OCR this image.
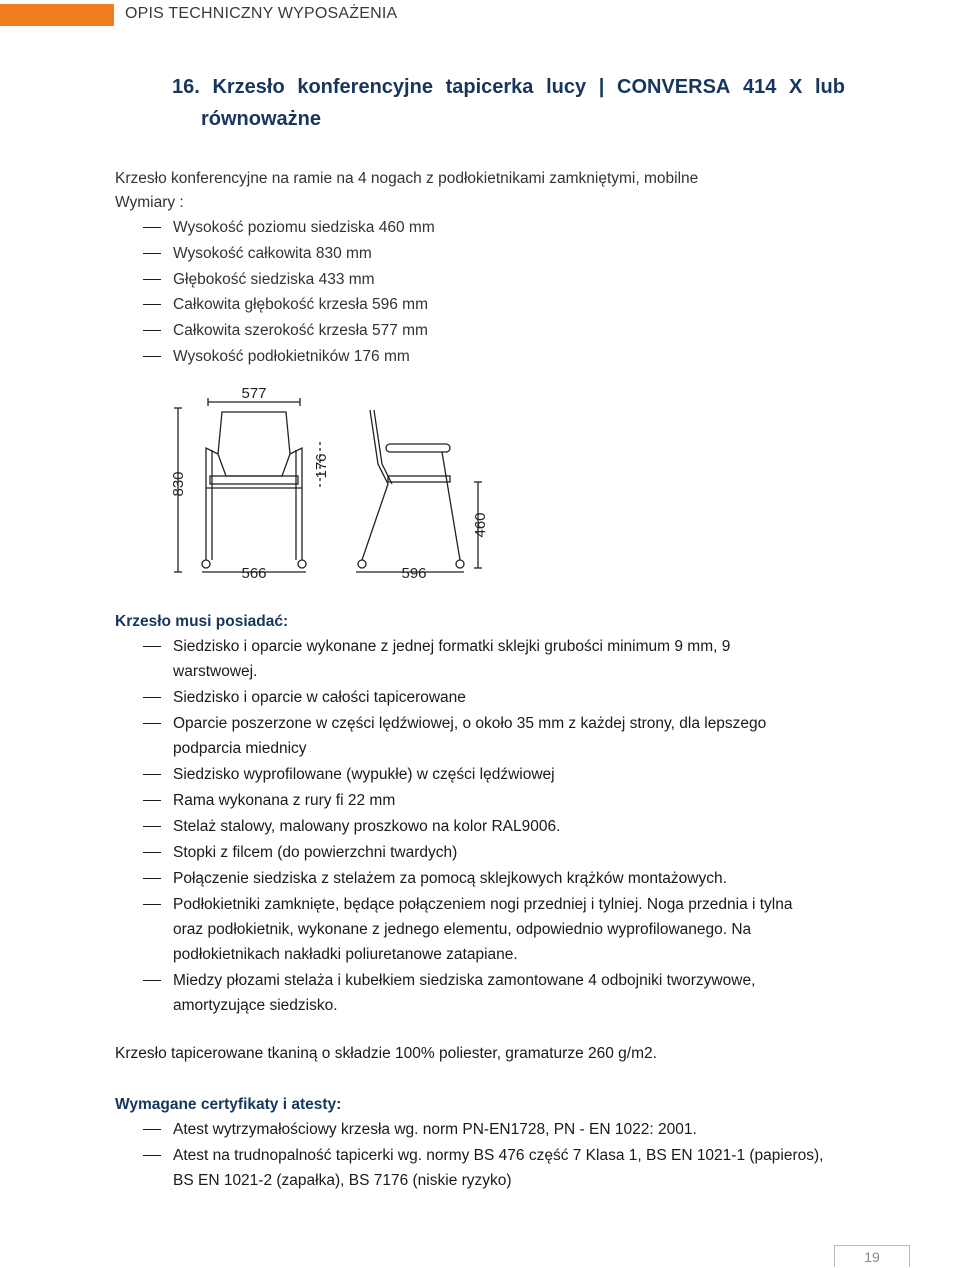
OPIS TECHNICZNY WYPOSAŻENIA
16. Krzesło konferencyjne tapicerka lucy | CONVERSA 414 X lub
równoważne
Krzesło konferencyjne na ramie na 4 nogach z podłokietnikami zamkniętymi, mobilne
Wymiary :
Wysokość poziomu siedziska 460 mm
Wysokość całkowita 830 mm
Głębokość siedziska 433 mm
Całkowita głębokość krzesła 596 mm
Całkowita szerokość krzesła 577 mm
Wysokość podłokietników 176 mm
577
830
176
566	596
460
Krzesło musi posiadać:
Siedzisko i oparcie wykonane z jednej formatki sklejki grubości minimum 9 mm, 9
warstwowej.
Siedzisko i oparcie w całości tapicerowane
Oparcie poszerzone w części lędźwiowej, o około 35 mm z każdej strony, dla lepszego
podparcia miednicy
Siedzisko wyprofilowane (wypukłe) w części lędźwiowej
Rama wykonana z rury fi 22 mm
Stelaż stalowy, malowany proszkowo na kolor RAL9006.
Stopki z filcem (do powierzchni twardych)
Połączenie siedziska z stelażem za pomocą sklejkowych krążków montażowych.
Podłokietniki zamknięte, będące połączeniem nogi przedniej i tylniej. Noga przednia i tylna
oraz podłokietnik, wykonane z jednego elementu, odpowiednio wyprofilowanego. Na
podłokietnikach nakładki poliuretanowe zatapiane.
Miedzy płozami stelaża i kubełkiem siedziska zamontowane 4 odbojniki tworzywowe,
amortyzujące siedzisko.
Krzesło tapicerowane tkaniną o składzie 100% poliester, gramaturze 260 g/m2.
Wymagane certyfikaty i atesty:
Atest wytrzymałościowy krzesła wg. norm PN-EN1728, PN - EN 1022: 2001.
Atest na trudnopalność tapicerki wg. normy BS 476 część 7 Klasa 1, BS EN 1021-1 (papieros),
BS EN 1021-2 (zapałka), BS 7176 (niskie ryzyko)
19
